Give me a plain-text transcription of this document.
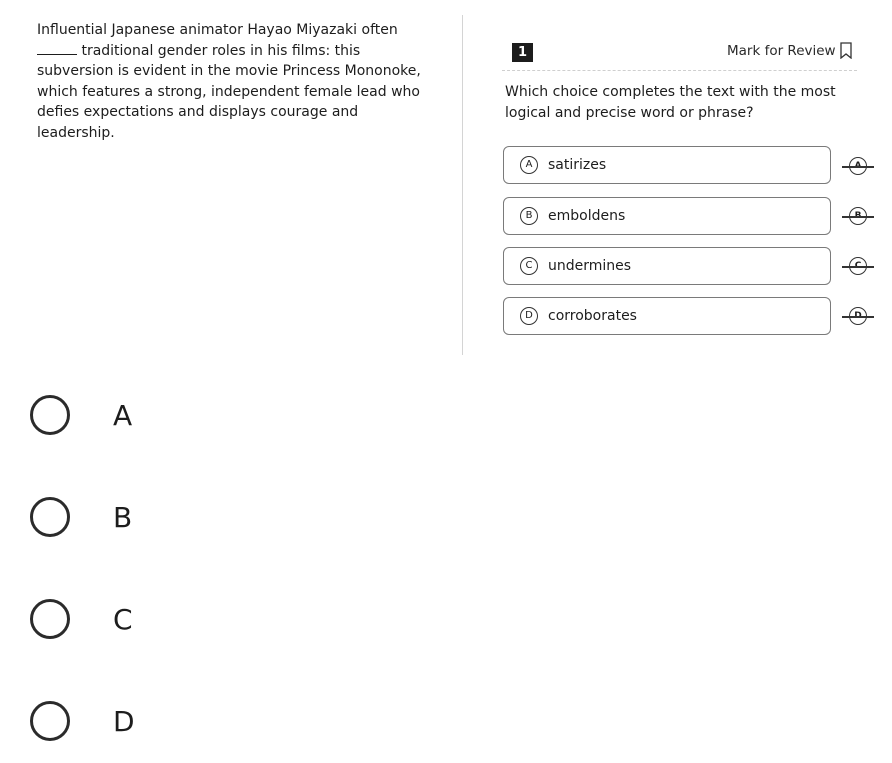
Influential Japanese animator Hayao Miyazaki often
traditional gender roles in his films: this
subversion is evident in the movie Princess Mononoke,
which features a strong, independent female lead who
defies expectations and displays courage and
leadership.
1	Mark for Review
Which choice completes the text with the most logical and precise word or phrase?
A	satirizes
B	emboldens
C	undermines
D	corroborates
A
B
C
D
